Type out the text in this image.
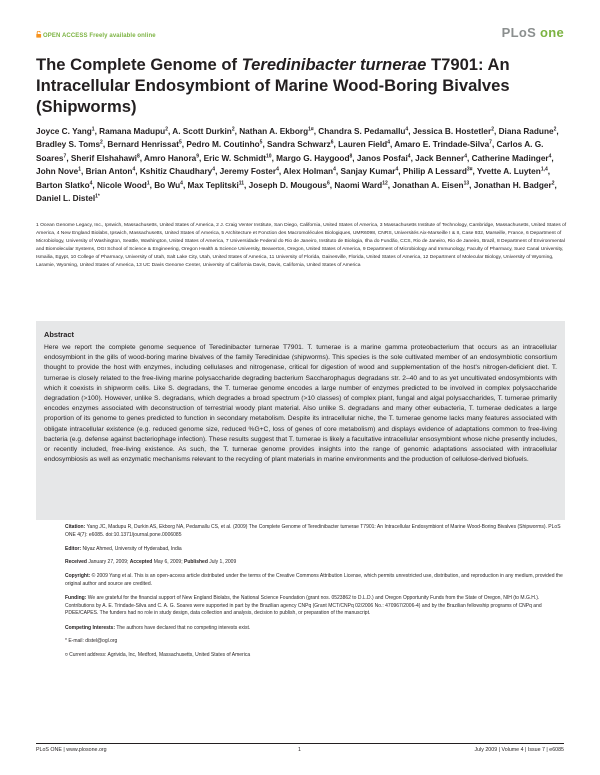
OPEN ACCESS Freely available online	PLoS one
The Complete Genome of Teredinibacter turnerae T7901: An Intracellular Endosymbiont of Marine Wood-Boring Bivalves (Shipworms)
Joyce C. Yang$^1$, Ramana Madupu$^2$, A. Scott Durkin$^2$, Nathan A. Ekborg$^{1¤}$, Chandra S. Pedamallu$^4$, Jessica B. Hostetler$^2$, Diana Radune$^2$, Bradley S. Toms$^2$, Bernard Henrissat$^5$, Pedro M. Coutinho$^5$, Sandra Schwarz$^6$, Lauren Field$^4$, Amaro E. Trindade-Silva$^7$, Carlos A. G. Soares$^7$, Sherif Elshahawi$^8$, Amro Hanora$^9$, Eric W. Schmidt$^{10}$, Margo G. Haygood$^8$, Janos Posfai$^4$, Jack Benner$^4$, Catherine Madinger$^4$, John Nove$^1$, Brian Anton$^4$, Kshitiz Chaudhary$^4$, Jeremy Foster$^4$, Alex Holman$^4$, Sanjay Kumar$^4$, Philip A Lessard$^{3¤}$, Yvette A. Luyten$^{1,4}$, Barton Slatko$^4$, Nicole Wood$^1$, Bo Wu$^4$, Max Teplitski$^{11}$, Joseph D. Mougous$^6$, Naomi Ward$^{12}$, Jonathan A. Eisen$^{13}$, Jonathan H. Badger$^2$, Daniel L. Distel$^{1*}$
1 Ocean Genome Legacy, Inc., Ipswich, Massachusetts, United States of America, 2 J. Craig Venter Institute, San Diego, California, United States of America, 3 Massachusetts Institute of Technology, Cambridge, Massachusetts, United States of America, 4 New England Biolabs, Ipswich, Massachusetts, United States of America, 5 Architecture et Fonction des Macromolécules Biologiques, UMR6098, CNRS, Universités Aix-Marseille I & II, Case 932, Marseille, France, 6 Department of Microbiology, University of Washington, Seattle, Washington, United States of America, 7 Universidade Federal do Rio de Janeiro, Instituto de Biologia, Ilha do Fundão, CCS, Rio de Janeiro, Rio de Janeiro, Brazil, 8 Department of Environmental and Biomolecular Systems, OGI School of Science & Engineering, Oregon Health & Science University, Beaverton, Oregon, United States of America, 9 Department of Microbiology and Immunology, Faculty of Pharmacy, Suez Canal University, Ismailia, Egypt, 10 College of Pharmacy, University of Utah, Salt Lake City, Utah, United States of America, 11 University of Florida, Gainesville, Florida, United States of America, 12 Department of Molecular Biology, University of Wyoming, Laramie, Wyoming, United States of America, 13 UC Davis Genome Center, University of California Davis, Davis, California, United States of America
Abstract

Here we report the complete genome sequence of Teredinibacter turnerae T7901. T. turnerae is a marine gamma proteobacterium that occurs as an intracellular endosymbiont in the gills of wood-boring marine bivalves of the family Teredinidae (shipworms). This species is the sole cultivated member of an endosymbiotic consortium thought to provide the host with enzymes, including cellulases and nitrogenase, critical for digestion of wood and supplementation of the host's nitrogen-deficient diet. T. turnerae is closely related to the free-living marine polysaccharide degrading bacterium Saccharophagus degradans str. 2–40 and to as yet uncultivated endosymbionts with which it coexists in shipworm cells. Like S. degradans, the T. turnerae genome encodes a large number of enzymes predicted to be involved in complex polysaccharide degradation (>100). However, unlike S. degradans, which degrades a broad spectrum (>10 classes) of complex plant, fungal and algal polysaccharides, T. turnerae primarily encodes enzymes associated with deconstruction of terrestrial woody plant material. Also unlike S. degradans and many other eubacteria, T. turnerae dedicates a large proportion of its genome to genes predicted to function in secondary metabolism. Despite its intracellular niche, the T. turnerae genome lacks many features associated with obligate intracellular existence (e.g. reduced genome size, reduced %G+C, loss of genes of core metabolism) and displays evidence of adaptations common to free-living bacteria (e.g. defense against bacteriophage infection). These results suggest that T. turnerae is likely a facultative intracellular ensosymbiont whose niche presently includes, or recently included, free-living existence. As such, the T. turnerae genome provides insights into the range of genomic adaptations associated with intracellular endosymbiosis as well as enzymatic mechanisms relevant to the recycling of plant materials in marine environments and the production of cellulose-derived biofuels.

Citation: Yang JC, Madupu R, Durkin AS, Ekborg NA, Pedamallu CS, et al. (2009) The Complete Genome of Teredinibacter turnerae T7901: An Intracellular Endosymbiont of Marine Wood-Boring Bivalves (Shipworms). PLoS ONE 4(7): e6085. doi:10.1371/journal.pone.0006085
Editor: Niyaz Ahmed, University of Hyderabad, India
Received January 27, 2009; Accepted May 6, 2009; Published July 1, 2009
Copyright: © 2009 Yang et al. This is an open-access article distributed under the terms of the Creative Commons Attribution License, which permits unrestricted use, distribution, and reproduction in any medium, provided the original author and source are credited.
Funding: We are grateful for the financial support of New England Biolabs, the National Science Foundation (grant nos. 0523862 to D.L.D.) and Oregon Opportunity Funds from the State of Oregon, NIH (to M.G.H.). Contributions by A. E. Trindade-Silva and C. A. G. Soares were supported in part by the Brazilian agency CNPq (Grant MCT/CNPq 02/2006 No.: 470967/2006-4) and by the Brazilian fellowship programs of CNPq and PDEE/CAPES. The funders had no role in study design, data collection and analysis, decision to publish, or preparation of the manuscript.
Competing Interests: The authors have declared that no competing interests exist.
* E-mail: distel@ogl.org
¤ Current address: Agrivida, Inc, Medford, Massachusetts, United States of America
PLoS ONE | www.plosone.org	1	July 2009 | Volume 4 | Issue 7 | e6085
